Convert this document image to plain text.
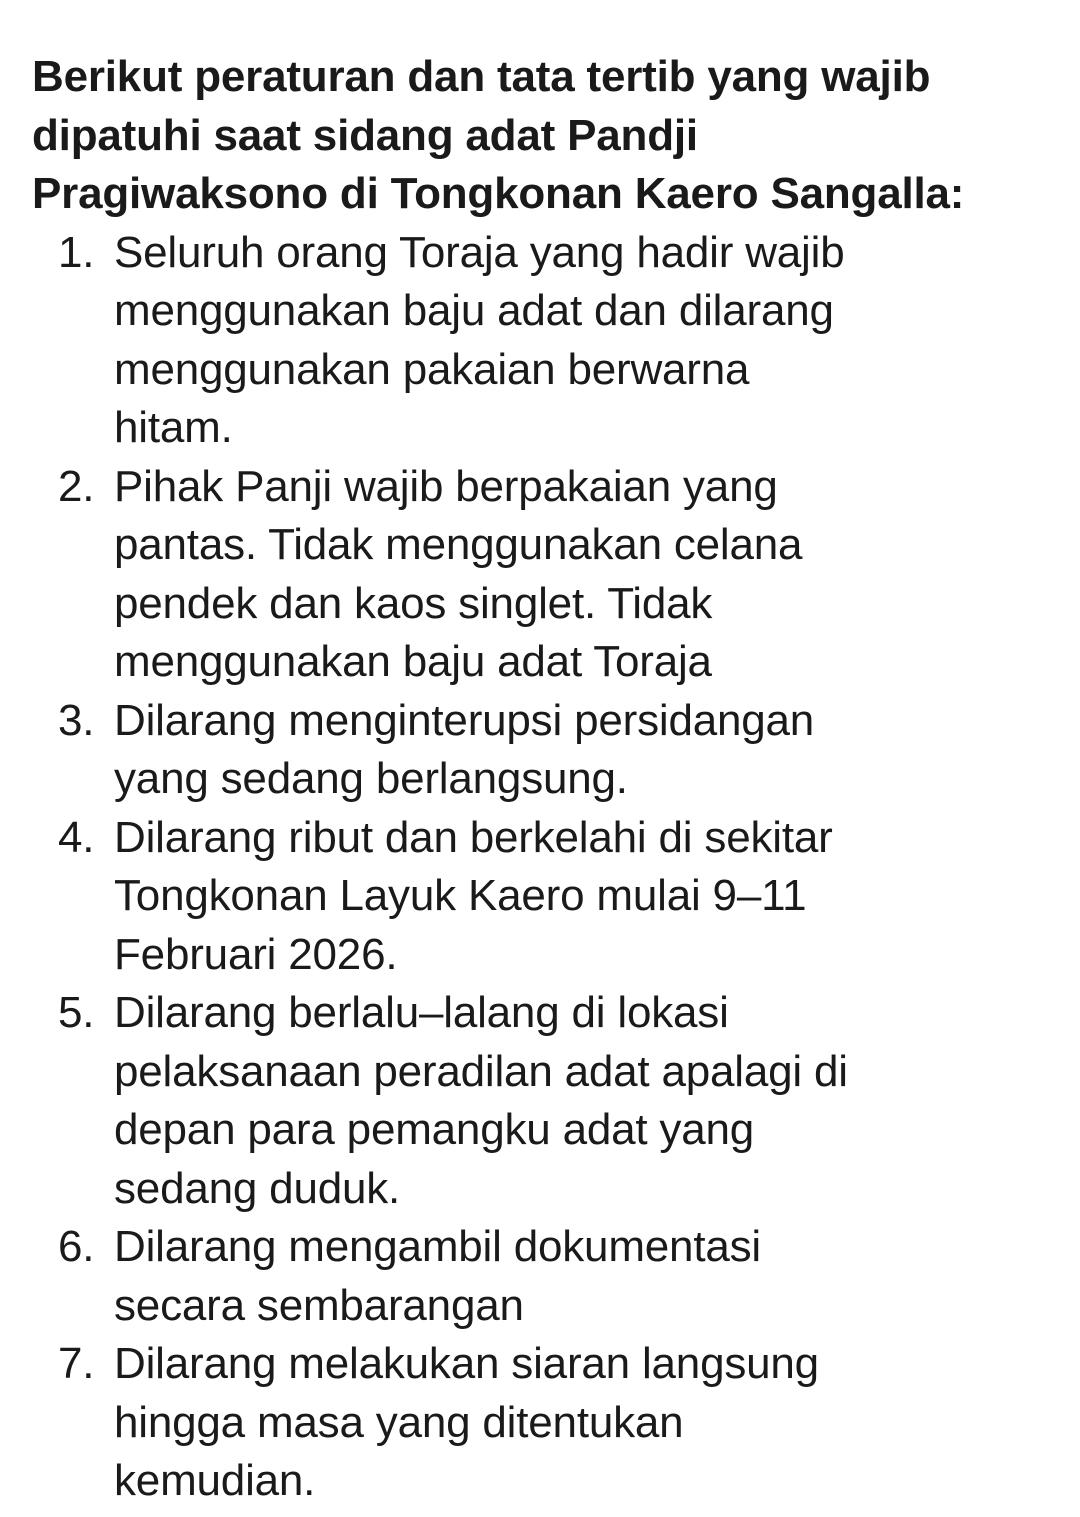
Berikut peraturan dan tata tertib yang wajib
dipatuhi saat sidang adat Pandji
Pragiwaksono di Tongkonan Kaero Sangalla:
1. Seluruh orang Toraja yang hadir wajib
menggunakan baju adat dan dilarang
menggunakan pakaian berwarna
hitam.
2. Pihak Panji wajib berpakaian yang
pantas. Tidak menggunakan celana
pendek dan kaos singlet. Tidak
menggunakan baju adat Toraja
3. Dilarang menginterupsi persidangan
yang sedang berlangsung.
4. Dilarang ribut dan berkelahi di sekitar
Tongkonan Layuk Kaero mulai 9–11
Februari 2026.
5. Dilarang berlalu–lalang di lokasi
pelaksanaan peradilan adat apalagi di
depan para pemangku adat yang
sedang duduk.
6. Dilarang mengambil dokumentasi
secara sembarangan
7. Dilarang melakukan siaran langsung
hingga masa yang ditentukan
kemudian.
